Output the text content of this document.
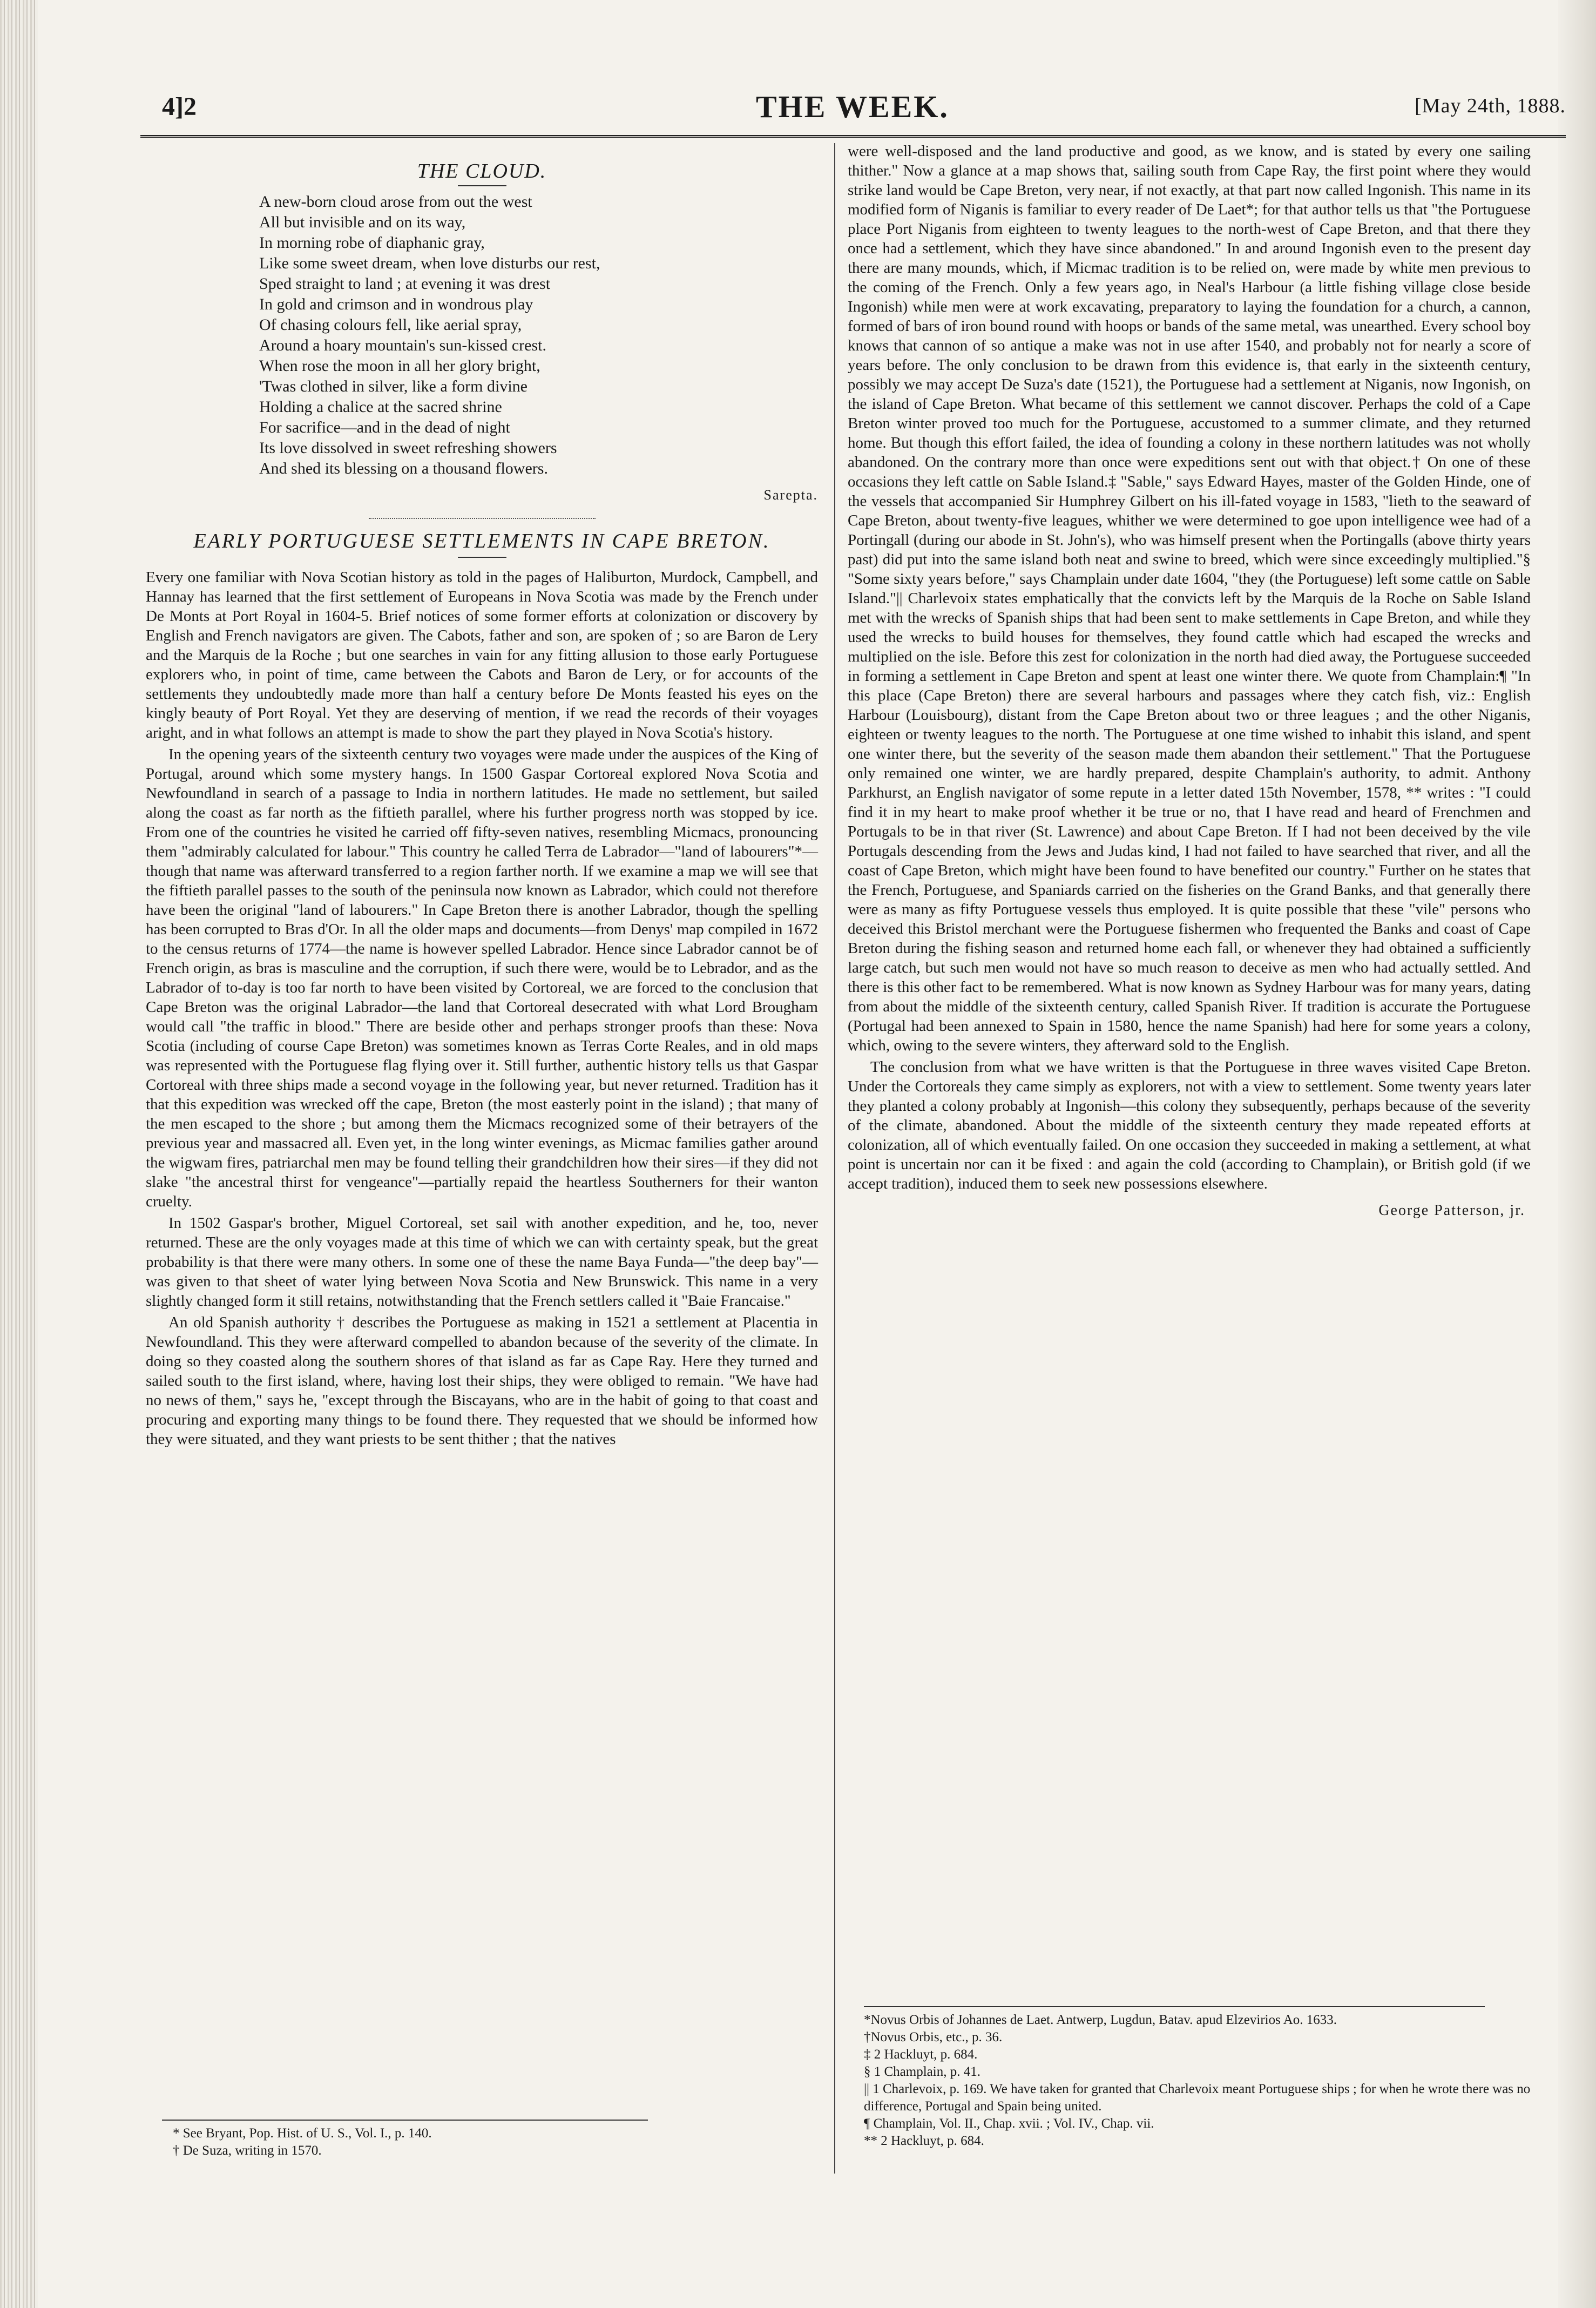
4]2	THE WEEK.	[May 24th, 1888.
THE CLOUD.
A new-born cloud arose from out the west
All but invisible and on its way,
In morning robe of diaphanic gray,
Like some sweet dream, when love disturbs our rest,
Sped straight to land ; at evening it was drest
In gold and crimson and in wondrous play
Of chasing colours fell, like aerial spray,
Around a hoary mountain's sun-kissed crest.
When rose the moon in all her glory bright,
'Twas clothed in silver, like a form divine
Holding a chalice at the sacred shrine
For sacrifice—and in the dead of night
Its love dissolved in sweet refreshing showers
And shed its blessing on a thousand flowers.
Sarepta.
EARLY PORTUGUESE SETTLEMENTS IN CAPE BRETON.

Every one familiar with Nova Scotian history as told in the pages of Haliburton, Murdock, Campbell, and Hannay has learned that the first settlement of Europeans in Nova Scotia was made by the French under De Monts at Port Royal in 1604-5. Brief notices of some former efforts at colonization or discovery by English and French navigators are given. The Cabots, father and son, are spoken of ; so are Baron de Lery and the Marquis de la Roche ; but one searches in vain for any fitting allusion to those early Portuguese explorers who, in point of time, came between the Cabots and Baron de Lery, or for accounts of the settlements they undoubtedly made more than half a century before De Monts feasted his eyes on the kingly beauty of Port Royal. Yet they are deserving of mention, if we read the records of their voyages aright, and in what follows an attempt is made to show the part they played in Nova Scotia's history.

In the opening years of the sixteenth century two voyages were made under the auspices of the King of Portugal, around which some mystery hangs. In 1500 Gaspar Cortoreal explored Nova Scotia and Newfoundland in search of a passage to India in northern latitudes. He made no settlement, but sailed along the coast as far north as the fiftieth parallel, where his further progress north was stopped by ice. From one of the countries he visited he carried off fifty-seven natives, resembling Micmacs, pronouncing them "admirably calculated for labour." This country he called Terra de Labrador—"land of labourers"*—though that name was afterward transferred to a region farther north. If we examine a map we will see that the fiftieth parallel passes to the south of the peninsula now known as Labrador, which could not therefore have been the original "land of labourers." In Cape Breton there is another Labrador, though the spelling has been corrupted to Bras d'Or. In all the older maps and documents—from Denys' map compiled in 1672 to the census returns of 1774—the name is however spelled Labrador. Hence since Labrador cannot be of French origin, as bras is masculine and the corruption, if such there were, would be to Lebrador, and as the Labrador of to-day is too far north to have been visited by Cortoreal, we are forced to the conclusion that Cape Breton was the original Labrador—the land that Cortoreal desecrated with what Lord Brougham would call "the traffic in blood." There are beside other and perhaps stronger proofs than these: Nova Scotia (including of course Cape Breton) was sometimes known as Terras Corte Reales, and in old maps was represented with the Portuguese flag flying over it. Still further, authentic history tells us that Gaspar Cortoreal with three ships made a second voyage in the following year, but never returned. Tradition has it that this expedition was wrecked off the cape, Breton (the most easterly point in the island) ; that many of the men escaped to the shore ; but among them the Micmacs recognized some of their betrayers of the previous year and massacred all. Even yet, in the long winter evenings, as Micmac families gather around the wigwam fires, patriarchal men may be found telling their grandchildren how their sires—if they did not slake "the ancestral thirst for vengeance"—partially repaid the heartless Southerners for their wanton cruelty.

In 1502 Gaspar's brother, Miguel Cortoreal, set sail with another expedition, and he, too, never returned. These are the only voyages made at this time of which we can with certainty speak, but the great probability is that there were many others. In some one of these the name Baya Funda—"the deep bay"—was given to that sheet of water lying between Nova Scotia and New Brunswick. This name in a very slightly changed form it still retains, notwithstanding that the French settlers called it "Baie Francaise."

An old Spanish authority † describes the Portuguese as making in 1521 a settlement at Placentia in Newfoundland. This they were afterward compelled to abandon because of the severity of the climate. In doing so they coasted along the southern shores of that island as far as Cape Ray. Here they turned and sailed south to the first island, where, having lost their ships, they were obliged to remain. "We have had no news of them," says he, "except through the Biscayans, who are in the habit of going to that coast and procuring and exporting many things to be found there. They requested that we should be informed how they were situated, and they want priests to be sent thither ; that the natives

* See Bryant, Pop. Hist. of U. S., Vol. I., p. 140.

† De Suza, writing in 1570.

were well-disposed and the land productive and good, as we know, and is stated by every one sailing thither." Now a glance at a map shows that, sailing south from Cape Ray, the first point where they would strike land would be Cape Breton, very near, if not exactly, at that part now called Ingonish. This name in its modified form of Niganis is familiar to every reader of De Laet*; for that author tells us that "the Portuguese place Port Niganis from eighteen to twenty leagues to the north-west of Cape Breton, and that there they once had a settlement, which they have since abandoned." In and around Ingonish even to the present day there are many mounds, which, if Micmac tradition is to be relied on, were made by white men previous to the coming of the French. Only a few years ago, in Neal's Harbour (a little fishing village close beside Ingonish) while men were at work excavating, preparatory to laying the foundation for a church, a cannon, formed of bars of iron bound round with hoops or bands of the same metal, was unearthed. Every school boy knows that cannon of so antique a make was not in use after 1540, and probably not for nearly a score of years before. The only conclusion to be drawn from this evidence is, that early in the sixteenth century, possibly we may accept De Suza's date (1521), the Portuguese had a settlement at Niganis, now Ingonish, on the island of Cape Breton. What became of this settlement we cannot discover. Perhaps the cold of a Cape Breton winter proved too much for the Portuguese, accustomed to a summer climate, and they returned home. But though this effort failed, the idea of founding a colony in these northern latitudes was not wholly abandoned. On the contrary more than once were expeditions sent out with that object.† On one of these occasions they left cattle on Sable Island.‡ "Sable," says Edward Hayes, master of the Golden Hinde, one of the vessels that accompanied Sir Humphrey Gilbert on his ill-fated voyage in 1583, "lieth to the seaward of Cape Breton, about twenty-five leagues, whither we were determined to goe upon intelligence wee had of a Portingall (during our abode in St. John's), who was himself present when the Portingalls (above thirty years past) did put into the same island both neat and swine to breed, which were since exceedingly multiplied."§ "Some sixty years before," says Champlain under date 1604, "they (the Portuguese) left some cattle on Sable Island."|| Charlevoix states emphatically that the convicts left by the Marquis de la Roche on Sable Island met with the wrecks of Spanish ships that had been sent to make settlements in Cape Breton, and while they used the wrecks to build houses for themselves, they found cattle which had escaped the wrecks and multiplied on the isle. Before this zest for colonization in the north had died away, the Portuguese succeeded in forming a settlement in Cape Breton and spent at least one winter there. We quote from Champlain:¶ "In this place (Cape Breton) there are several harbours and passages where they catch fish, viz.: English Harbour (Louisbourg), distant from the Cape Breton about two or three leagues ; and the other Niganis, eighteen or twenty leagues to the north. The Portuguese at one time wished to inhabit this island, and spent one winter there, but the severity of the season made them abandon their settlement." That the Portuguese only remained one winter, we are hardly prepared, despite Champlain's authority, to admit. Anthony Parkhurst, an English navigator of some repute in a letter dated 15th November, 1578, ** writes : "I could find it in my heart to make proof whether it be true or no, that I have read and heard of Frenchmen and Portugals to be in that river (St. Lawrence) and about Cape Breton. If I had not been deceived by the vile Portugals descending from the Jews and Judas kind, I had not failed to have searched that river, and all the coast of Cape Breton, which might have been found to have benefited our country." Further on he states that the French, Portuguese, and Spaniards carried on the fisheries on the Grand Banks, and that generally there were as many as fifty Portuguese vessels thus employed. It is quite possible that these "vile" persons who deceived this Bristol merchant were the Portuguese fishermen who frequented the Banks and coast of Cape Breton during the fishing season and returned home each fall, or whenever they had obtained a sufficiently large catch, but such men would not have so much reason to deceive as men who had actually settled. And there is this other fact to be remembered. What is now known as Sydney Harbour was for many years, dating from about the middle of the sixteenth century, called Spanish River. If tradition is accurate the Portuguese (Portugal had been annexed to Spain in 1580, hence the name Spanish) had here for some years a colony, which, owing to the severe winters, they afterward sold to the English.

The conclusion from what we have written is that the Portuguese in three waves visited Cape Breton. Under the Cortoreals they came simply as explorers, not with a view to settlement. Some twenty years later they planted a colony probably at Ingonish—this colony they subsequently, perhaps because of the severity of the climate, abandoned. About the middle of the sixteenth century they made repeated efforts at colonization, all of which eventually failed. On one occasion they succeeded in making a settlement, at what point is uncertain nor can it be fixed : and again the cold (according to Champlain), or British gold (if we accept tradition), induced them to seek new possessions elsewhere.

George Patterson, jr.

*Novus Orbis of Johannes de Laet. Antwerp, Lugdun, Batav. apud Elzevirios Ao. 1633.

†Novus Orbis, etc., p. 36.

‡ 2 Hackluyt, p. 684.

§ 1 Champlain, p. 41.

|| 1 Charlevoix, p. 169. We have taken for granted that Charlevoix meant Portuguese ships ; for when he wrote there was no difference, Portugal and Spain being united.

¶ Champlain, Vol. II., Chap. xvii. ; Vol. IV., Chap. vii.

** 2 Hackluyt, p. 684.
